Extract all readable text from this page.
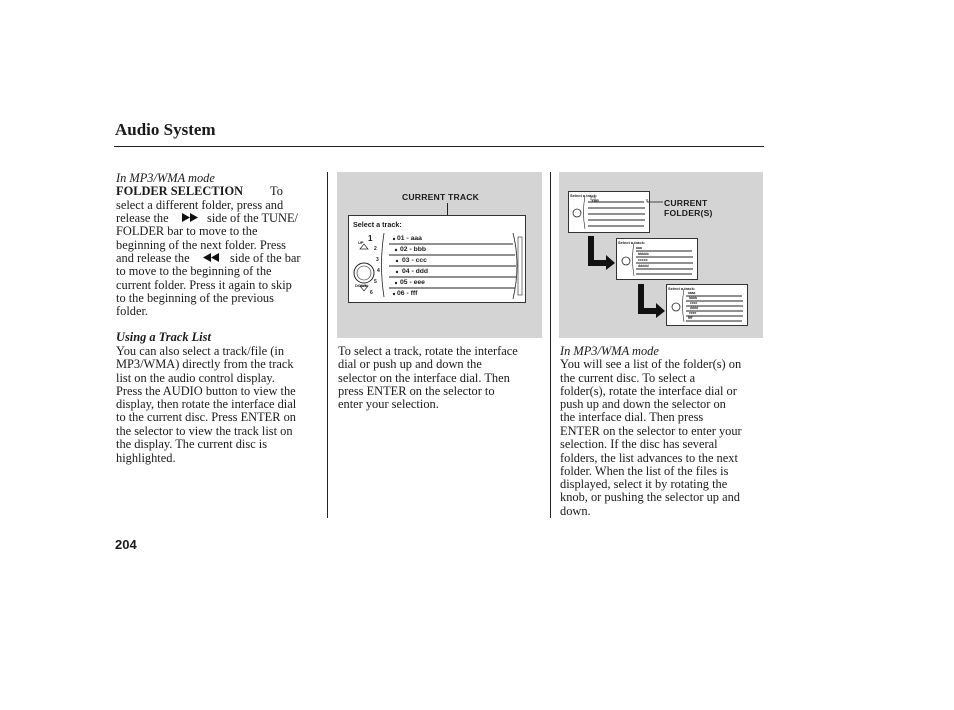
Audio System
In MP3/WMA mode
FOLDER SELECTION To
select a different folder, press and
release the	side of the TUNE/
FOLDER bar to move to the
beginning of the next folder. Press
and release the	side of the bar
to move to the beginning of the
current folder. Press it again to skip
to the beginning of the previous
folder.
Using a Track List
You can also select a track/file (in
MP3/WMA) directly from the track
list on the audio control display.
Press the AUDIO button to view the
display, then rotate the interface dial
to the current disc. Press ENTER on
the selector to view the track list on
the display. The current disc is
highlighted.
CURRENT TRACK
Select a track:
1
2
3
4
5
6
UP
DOWN
01 - aaa
02 - bbb
03 - ccc
04 - ddd
05 - eee
06 - fff
To select a track, rotate the interface
dial or push up and down the
selector on the interface dial. Then
press ENTER on the selector to
enter your selection.
CURRENT
FOLDER(S)
Select a track:
DIR
Select a track:
aaa
bbbbb
ccccc
ddddd
Select a track:
aaaa
bbbb
cccc
dddd
eeee
ffff
In MP3/WMA mode
You will see a list of the folder(s) on
the current disc. To select a
folder(s), rotate the interface dial or
push up and down the selector on
the interface dial. Then press
ENTER on the selector to enter your
selection. If the disc has several
folders, the list advances to the next
folder. When the list of the files is
displayed, select it by rotating the
knob, or pushing the selector up and
down.
204
